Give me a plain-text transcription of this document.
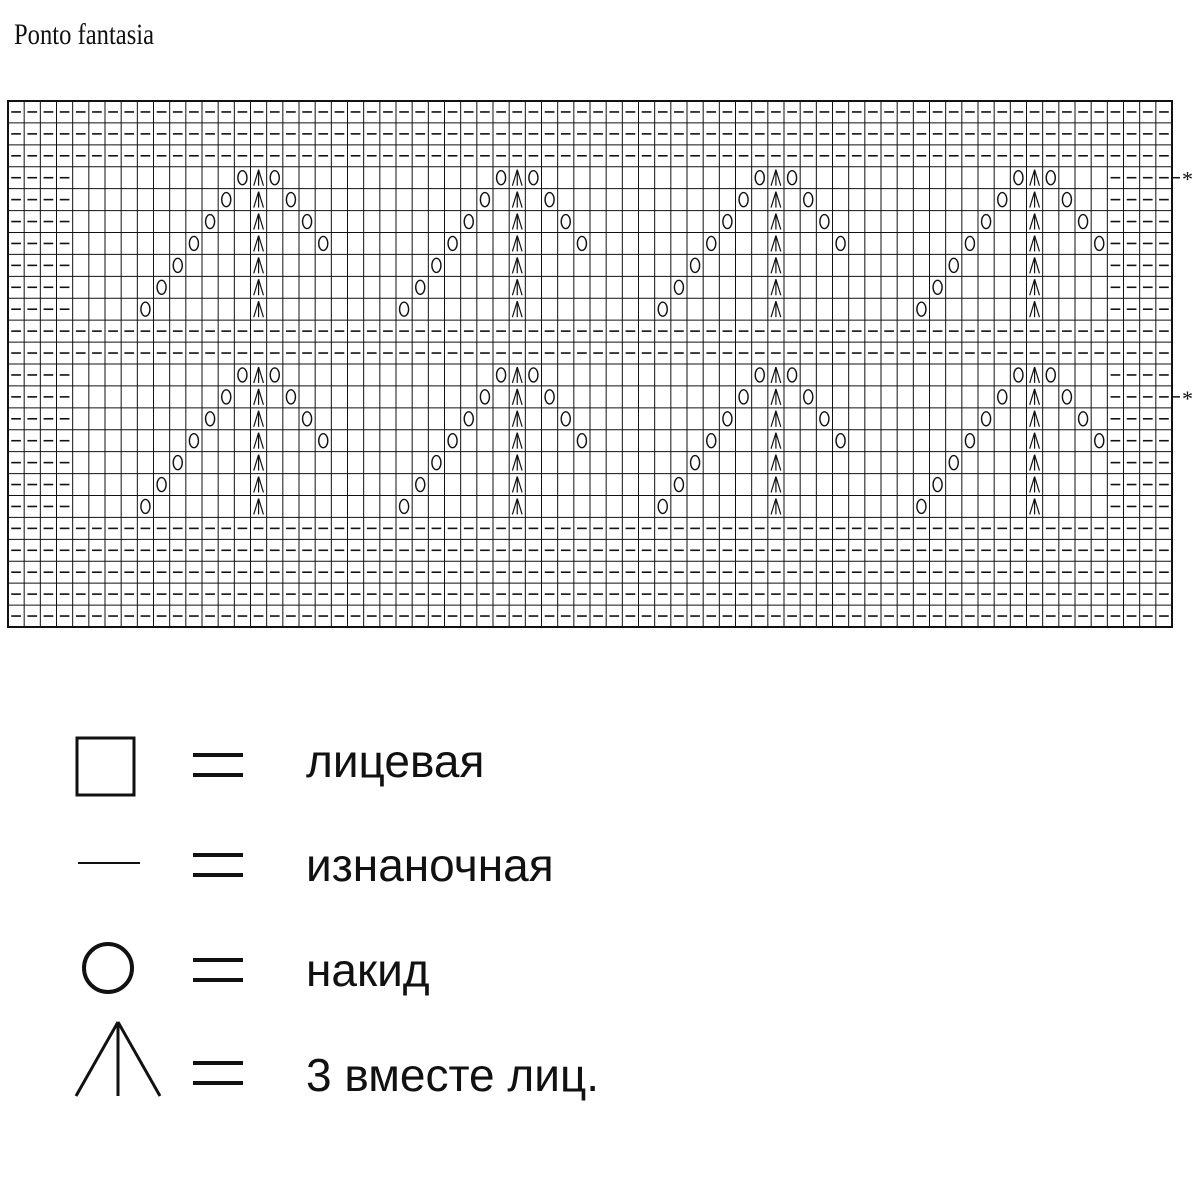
Ponto fantasia
*
*
лицевая
изнаночная
накид
3 вместе лиц.
